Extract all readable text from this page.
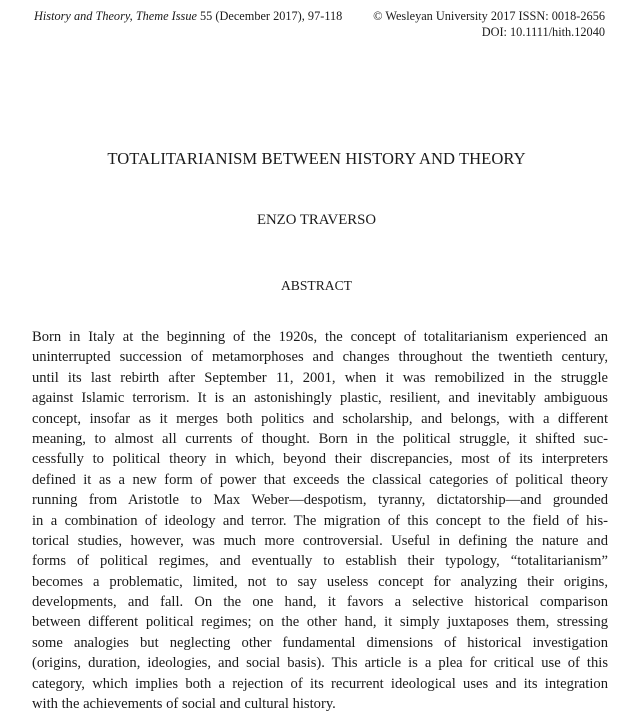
History and Theory, Theme Issue 55 (December 2017), 97-118	© Wesleyan University 2017 ISSN: 0018-2656
DOI: 10.1111/hith.12040
TOTALITARIANISM BETWEEN HISTORY AND THEORY
ENZO TRAVERSO
ABSTRACT
Born in Italy at the beginning of the 1920s, the concept of totalitarianism experienced an
uninterrupted succession of metamorphoses and changes throughout the twentieth century,
until its last rebirth after September 11, 2001, when it was remobilized in the struggle
against Islamic terrorism. It is an astonishingly plastic, resilient, and inevitably ambiguous
concept, insofar as it merges both politics and scholarship, and belongs, with a different
meaning, to almost all currents of thought. Born in the political struggle, it shifted suc-
cessfully to political theory in which, beyond their discrepancies, most of its interpreters
defined it as a new form of power that exceeds the classical categories of political theory
running from Aristotle to Max Weber—despotism, tyranny, dictatorship—and grounded
in a combination of ideology and terror. The migration of this concept to the field of his-
torical studies, however, was much more controversial. Useful in defining the nature and
forms of political regimes, and eventually to establish their typology, “totalitarianism”
becomes a problematic, limited, not to say useless concept for analyzing their origins,
developments, and fall. On the one hand, it favors a selective historical comparison
between different political regimes; on the other hand, it simply juxtaposes them, stressing
some analogies but neglecting other fundamental dimensions of historical investigation
(origins, duration, ideologies, and social basis). This article is a plea for critical use of this
category, which implies both a rejection of its recurrent ideological uses and its integration
with the achievements of social and cultural history.
